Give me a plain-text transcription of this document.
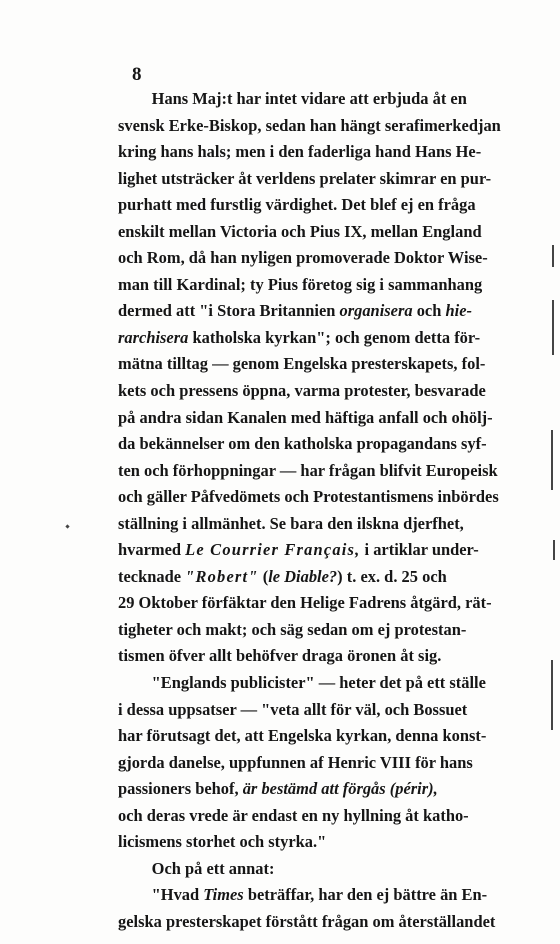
8
Hans Maj:t har intet vidare att erbjuda åt en
svensk Erke-Biskop, sedan han hängt serafimerkedjan
kring hans hals; men i den faderliga hand Hans He-
lighet utsträcker åt verldens prelater skimrar en pur-
purhatt med furstlig värdighet. Det blef ej en fråga
enskilt mellan Victoria och Pius IX, mellan England
och Rom, då han nyligen promoverade Doktor Wise-
man till Kardinal; ty Pius företog sig i sammanhang
dermed att "i Stora Britannien organisera och hie-
rarchisera katholska kyrkan"; och genom detta för-
mätna tilltag — genom Engelska presterskapets, fol-
kets och pressens öppna, varma protester, besvarade
på andra sidan Kanalen med häftiga anfall och ohölj-
da bekännelser om den katholska propagandans syf-
ten och förhoppningar — har frågan blifvit Europeisk
och gäller Påfvedömets och Protestantismens inbördes
ställning i allmänhet. Se bara den ilskna djerfhet,
hvarmed Le Courrier Français, i artiklar under-
tecknade "Robert" (le Diable?) t. ex. d. 25 och
29 Oktober förfäktar den Helige Fadrens åtgärd, rät-
tigheter och makt; och säg sedan om ej protestan-
tismen öfver allt behöfver draga öronen åt sig.
"Englands publicister" — heter det på ett ställe
i dessa uppsatser — "veta allt för väl, och Bossuet
har förutsagt det, att Engelska kyrkan, denna konst-
gjorda danelse, uppfunnen af Henric VIII för hans
passioners behof, är bestämd att förgås (périr),
och deras vrede är endast en ny hyllning åt katho-
licismens storhet och styrka."
Och på ett annat:
"Hvad Times beträffar, har den ej bättre än En-
gelska presterskapet förstått frågan om återställandet
